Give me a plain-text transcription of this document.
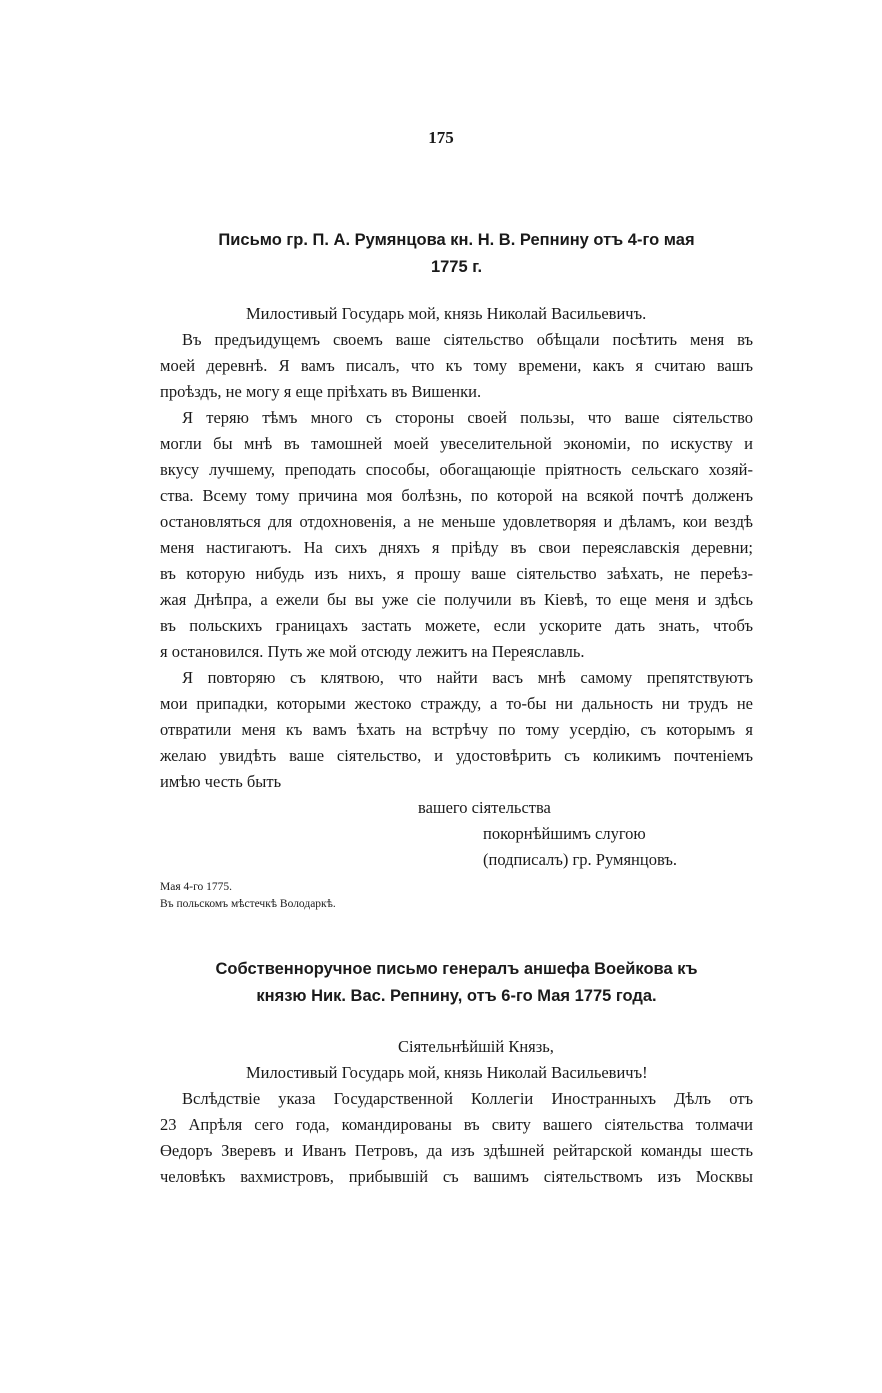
175
Письмо гр. П. А. Румянцова кн. Н. В. Репнину отъ 4-го мая
1775 г.
Милостивый Государь мой, князь Николай Васильевичъ.
Въ предъидущемъ своемъ ваше сiятельство обѣщали посѣтить меня въ
моей деревнѣ. Я вамъ писалъ, что къ тому времени, какъ я считаю вашъ
проѣздъ, не могу я еще прiѣхать въ Вишенки.
Я теряю тѣмъ много съ стороны своей пользы, что ваше сiятельство
могли бы мнѣ въ тамошней моей увеселительной экономiи, по искуству и
вкусу лучшему, преподать способы, обогащающiе прiятность сельскаго хозяй-
ства. Всему тому причина моя болѣзнь, по которой на всякой почтѣ долженъ
остановляться для отдохновенiя, а не меньше удовлетворяя и дѣламъ, кои вездѣ
меня настигаютъ. На сихъ дняхъ я прiѣду въ свои переяславскiя деревни;
въ которую нибудь изъ нихъ, я прошу ваше сiятельство заѣхать, не переѣз-
жая Днѣпра, а ежели бы вы уже сiе получили въ Кiевѣ, то еще меня и здѣсь
въ польскихъ границахъ застать можете, если ускорите дать знать, чтобъ
я остановился. Путь же мой отсюду лежитъ на Переяславль.
Я повторяю съ клятвою, что найти васъ мнѣ самому препятствуютъ
мои припадки, которыми жестоко стражду, а то-бы ни дальность ни трудъ не
отвратили меня къ вамъ ѣхать на встрѣчу по тому усердiю, съ которымъ я
желаю увидѣть ваше сiятельство, и удостовѣрить съ коликимъ почтенiемъ
имѣю честь быть
вашего сiятельства
покорнѣйшимъ слугою
(подписалъ) гр. Румянцовъ.
Мая 4-го 1775.
Въ польскомъ мѣстечкѣ Володаркѣ.
Собственноручное письмо генералъ аншефа Воейкова къ
князю Ник. Вас. Репнину, отъ 6-го Мая 1775 года.
Сiятельнѣйшiй Князь,
Милостивый Государь мой, князь Николай Васильевичъ!
Вслѣдствiе указа Государственной Коллегiи Иностранныхъ Дѣлъ отъ
23 Апрѣля сего года, командированы въ свиту вашего сiятельства толмачи
Өедоръ Зверевъ и Иванъ Петровъ, да изъ здѣшней рейтарской команды шесть
человѣкъ вахмистровъ, прибывшiй съ вашимъ сiятельствомъ изъ Москвы
